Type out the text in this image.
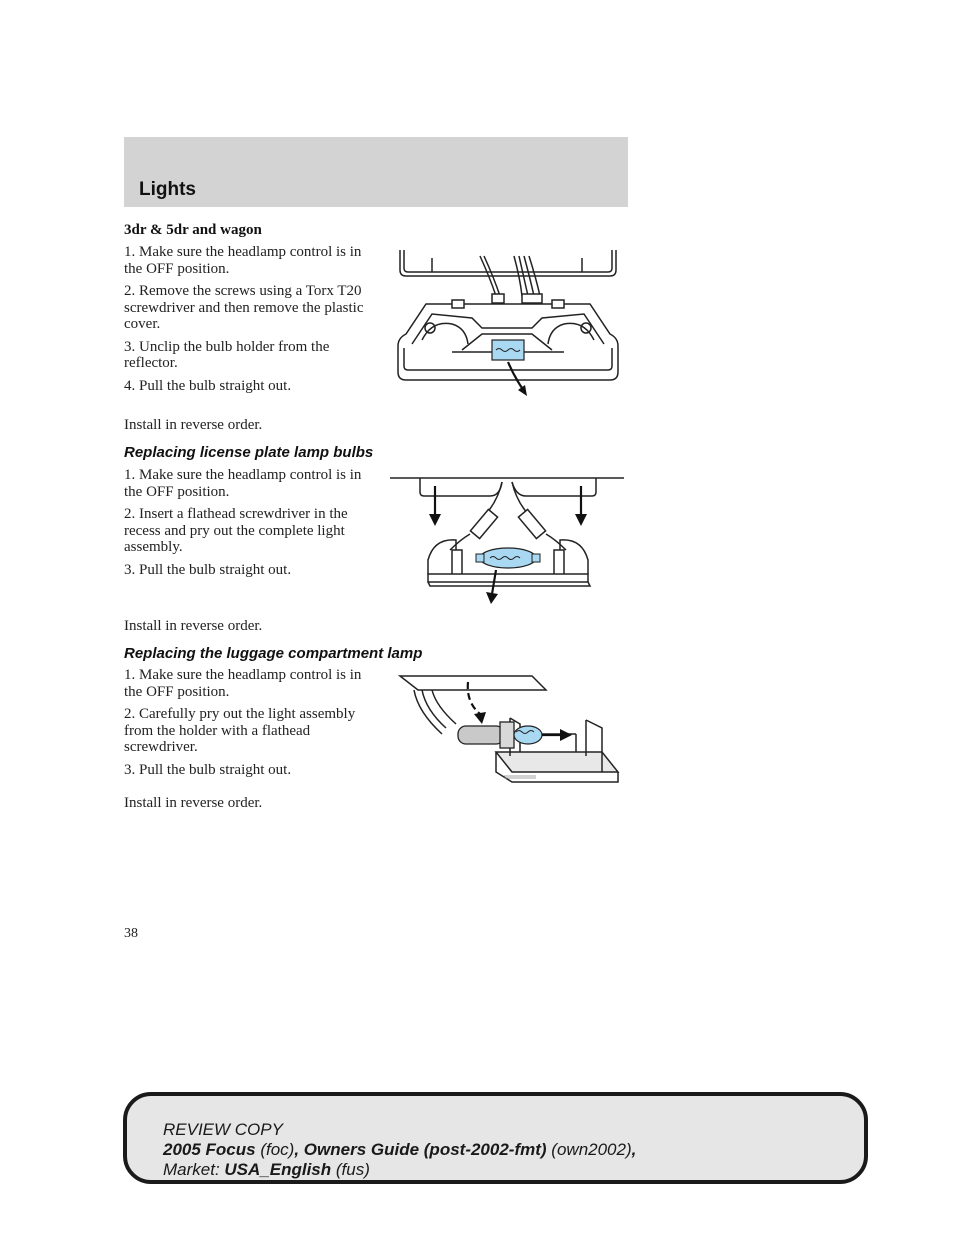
Lights
3dr & 5dr and wagon

1. Make sure the headlamp control is in the OFF position.

2. Remove the screws using a Torx T20 screwdriver and then remove the plastic cover.

3. Unclip the bulb holder from the reflector.

4. Pull the bulb straight out.

Install in reverse order.
Replacing license plate lamp bulbs

1. Make sure the headlamp control is in the OFF position.

2. Insert a flathead screwdriver in the recess and pry out the complete light assembly.

3. Pull the bulb straight out.

Install in reverse order.
Replacing the luggage compartment lamp

1. Make sure the headlamp control is in the OFF position.

2. Carefully pry out the light assembly from the holder with a flathead screwdriver.

3. Pull the bulb straight out.

Install in reverse order.
38
REVIEW COPY
2005 Focus (foc), Owners Guide (post-2002-fmt) (own2002),
Market: USA_English (fus)
